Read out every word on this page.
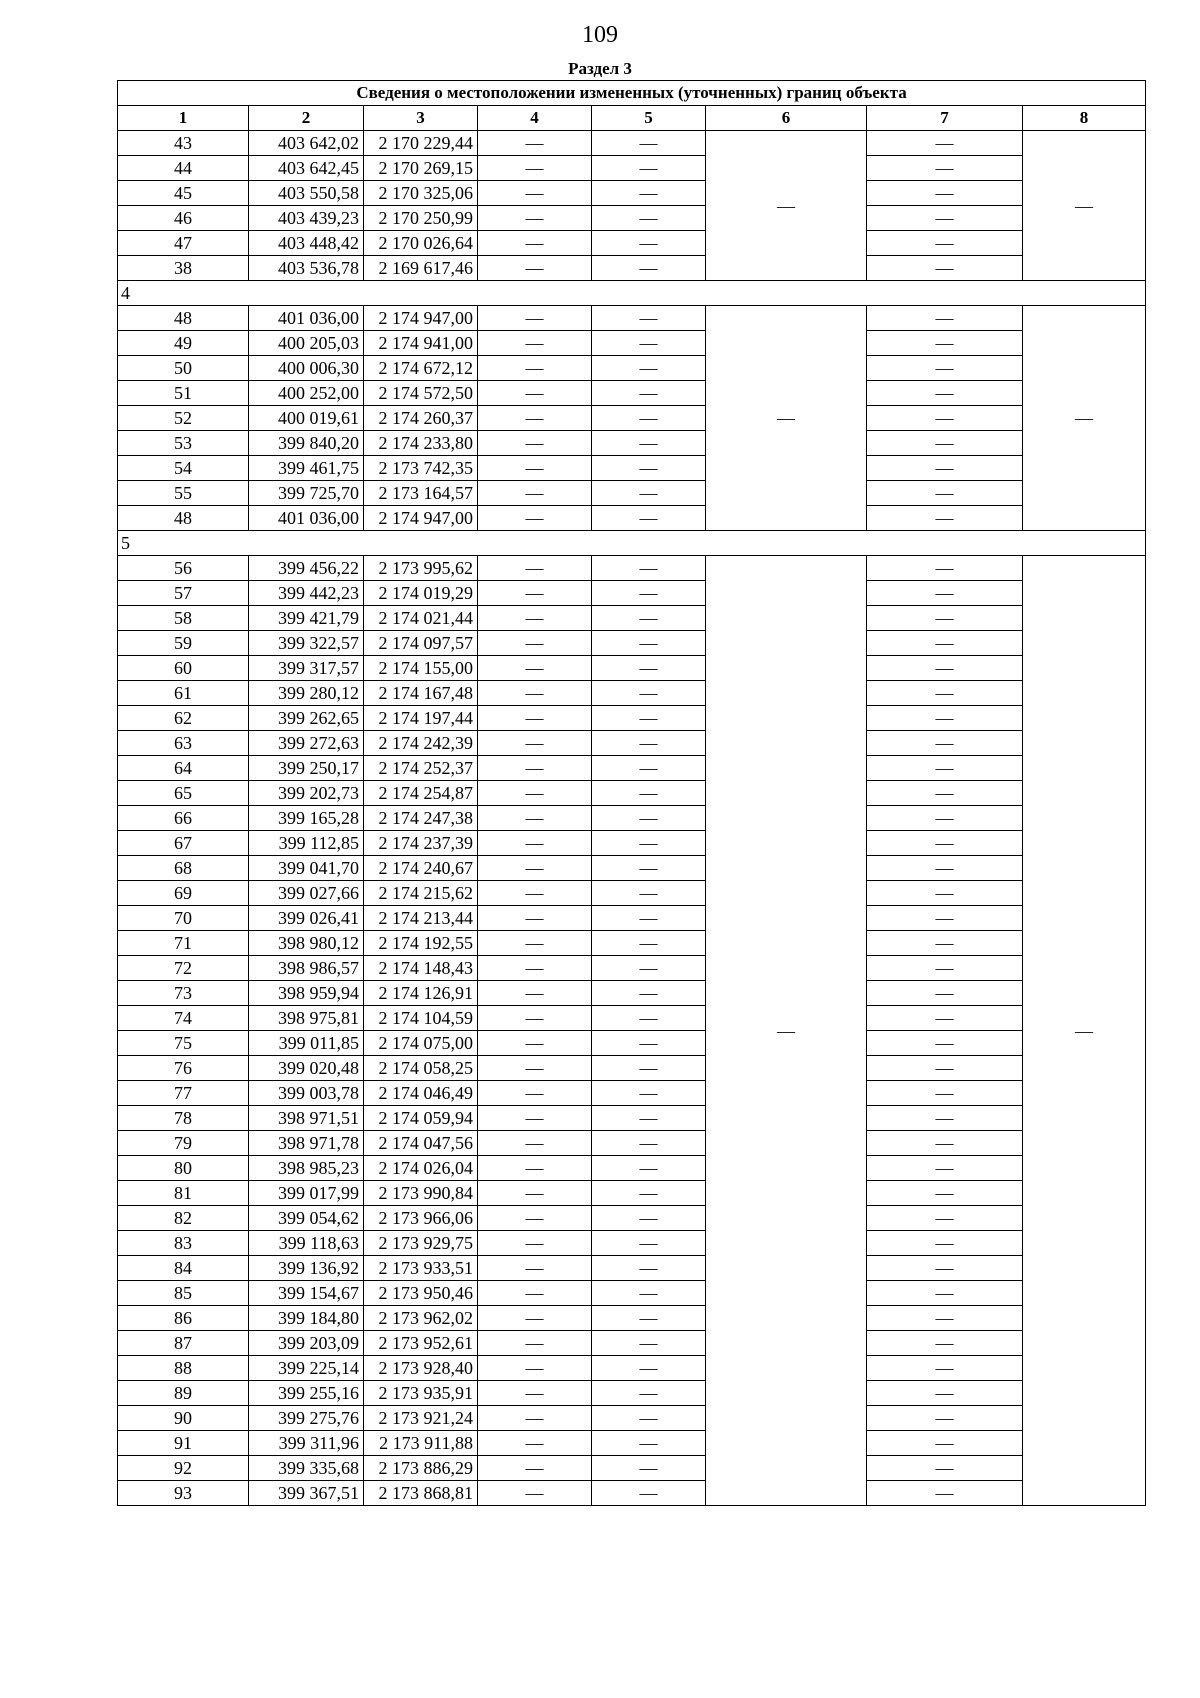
109
Раздел 3
Сведения о местоположении измененных (уточненных) границ объекта							
1	2	3	4	5	6	7	8
43	403 642,02	2 170 229,44	—	—	—	—	—
44	403 642,45	2 170 269,15	—	—		—	
45	403 550,58	2 170 325,06	—	—		—	
46	403 439,23	2 170 250,99	—	—		—	
47	403 448,42	2 170 026,64	—	—		—	
38	403 536,78	2 169 617,46	—	—		—	
4							
48	401 036,00	2 174 947,00	—	—	—	—	—
49	400 205,03	2 174 941,00	—	—		—	
50	400 006,30	2 174 672,12	—	—		—	
51	400 252,00	2 174 572,50	—	—		—	
52	400 019,61	2 174 260,37	—	—		—	
53	399 840,20	2 174 233,80	—	—		—	
54	399 461,75	2 173 742,35	—	—		—	
55	399 725,70	2 173 164,57	—	—		—	
48	401 036,00	2 174 947,00	—	—		—	
5							
56	399 456,22	2 173 995,62	—	—	—	—	—
57	399 442,23	2 174 019,29	—	—		—	
58	399 421,79	2 174 021,44	—	—		—	
59	399 322,57	2 174 097,57	—	—		—	
60	399 317,57	2 174 155,00	—	—		—	
61	399 280,12	2 174 167,48	—	—		—	
62	399 262,65	2 174 197,44	—	—		—	
63	399 272,63	2 174 242,39	—	—		—	
64	399 250,17	2 174 252,37	—	—		—	
65	399 202,73	2 174 254,87	—	—		—	
66	399 165,28	2 174 247,38	—	—		—	
67	399 112,85	2 174 237,39	—	—		—	
68	399 041,70	2 174 240,67	—	—		—	
69	399 027,66	2 174 215,62	—	—		—	
70	399 026,41	2 174 213,44	—	—		—	
71	398 980,12	2 174 192,55	—	—		—	
72	398 986,57	2 174 148,43	—	—		—	
73	398 959,94	2 174 126,91	—	—		—	
74	398 975,81	2 174 104,59	—	—		—	
75	399 011,85	2 174 075,00	—	—		—	
76	399 020,48	2 174 058,25	—	—		—	
77	399 003,78	2 174 046,49	—	—		—	
78	398 971,51	2 174 059,94	—	—		—	
79	398 971,78	2 174 047,56	—	—		—	
80	398 985,23	2 174 026,04	—	—		—	
81	399 017,99	2 173 990,84	—	—		—	
82	399 054,62	2 173 966,06	—	—		—	
83	399 118,63	2 173 929,75	—	—		—	
84	399 136,92	2 173 933,51	—	—		—	
85	399 154,67	2 173 950,46	—	—		—	
86	399 184,80	2 173 962,02	—	—		—	
87	399 203,09	2 173 952,61	—	—		—	
88	399 225,14	2 173 928,40	—	—		—	
89	399 255,16	2 173 935,91	—	—		—	
90	399 275,76	2 173 921,24	—	—		—	
91	399 311,96	2 173 911,88	—	—		—	
92	399 335,68	2 173 886,29	—	—		—	
93	399 367,51	2 173 868,81	—	—		—	
